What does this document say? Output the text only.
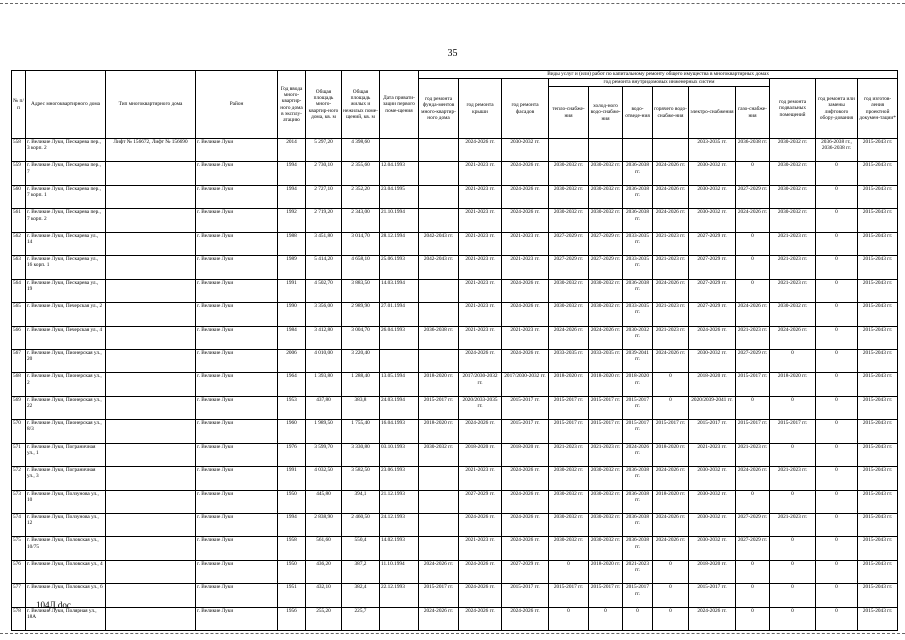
35
№ п/п	Адрес многоквартирного дома	Тип многоквартирного дома	Район	Год ввода много-квартир-ного дома в эксплу-атацию	Общая площадь много-квартир-ного дома, кв. м	Общая площадь жилых и нежилых поме-щений, кв. м	Дата привати-зации первого поме-щения	Виды услуг и (или) работ по капитальному ремонту общего имущества в многоквартирных домах											
								год ремонта фунда-ментов много-квартир-ного дома	год ремонта крыши	год ремонта фасадов	год ремонта внутридомовых инженерных систем						год ремонта подвальных помещений	год ремонта или замены лифтового обору-дования	год изготов-ления проектной докумен-тации*
											тепло-снабже-ния	холод-ного водо-снабже-ния	водо-отведе-ния	горячего водо-снабже-ния	электро-снабжения	газо-снабже-ния			
558	г. Великие Луки, Пескарева пер., 3 корп. 2	Лифт № 156672, Лифт № 156690	г. Великие Луки	2014	5 297,20	4 398,60			2024-2026 гг.	2030-2032 гг.					2033-2035 гг.	2036-2038 гг.	2030-2032 гг.	2036-2038 гг., 2036-2038 гг.	2015-2043 гг.
559	г. Великие Луки, Пескарева пер., 7		г. Великие Луки	1994	2 730,10	2 355,60	12.04.1993		2021-2023 гг.	2024-2026 гг.	2030-2032 гг.	2030-2032 гг.	2036-2038 гг.	2024-2026 гг.	2030-2032 гг.	0	2030-2032 гг.	0	2015-2043 гг.
560	г. Великие Луки, Пескарева пер., 7 корп. 1		г. Великие Луки	1994	2 727,10	2 352,20	23.04.1995		2021-2023 гг.	2024-2026 гг.	2030-2032 гг.	2030-2032 гг.	2036-2038 гг.	2024-2026 гг.	2030-2032 гг.	2027-2029 гг.	2030-2032 гг.	0	2015-2043 гг.
561	г. Великие Луки, Пескарева пер., 7 корп. 2		г. Великие Луки	1992	2 719,20	2 343,00	21.10.1994		2021-2023 гг.	2024-2026 гг.	2030-2032 гг.	2030-2032 гг.	2036-2038 гг.	2024-2026 гг.	2030-2032 гг.	2024-2026 гг.	2030-2032 гг.	0	2015-2043 гг.
562	г. Великие Луки, Пескарева ул., 14		г. Великие Луки	1988	3 451,80	3 014,70	28.12.1994	2042-2043 гг.	2021-2023 гг.	2021-2023 гг.	2027-2029 гг.	2027-2029 гг.	2033-2035 гг.	2021-2023 гг.	2027-2029 гг.	0	2021-2023 гг.	0	2015-2043 гг.
563	г. Великие Луки, Пескарева ул., 16 корп. 1		г. Великие Луки	1989	5 414,20	4 658,10	25.06.1993	2042-2043 гг.	2021-2023 гг.	2021-2023 гг.	2027-2029 гг.	2027-2029 гг.	2033-2035 гг.	2021-2023 гг.	2027-2029 гг.	0	2021-2023 гг.	0	2015-2043 гг.
564	г. Великие Луки, Пескарева ул., 19		г. Великие Луки	1991	4 502,70	3 883,50	14.03.1994		2021-2023 гг.	2024-2026 гг.	2030-2032 гг.	2030-2032 гг.	2036-2038 гг.	2024-2026 гг.	2027-2029 гг.	0	2021-2023 гг.	0	2015-2043 гг.
565	г. Великие Луки, Печерская ул., 2		г. Великие Луки	1990	3 356,00	2 989,90	27.01.1994		2021-2023 гг.	2024-2026 гг.	2030-2032 гг.	2030-2032 гг.	2033-2035 гг.	2021-2023 гг.	2027-2029 гг.	2024-2026 гг.	2030-2032 гг.	0	2015-2043 гг.
566	г. Великие Луки, Печерская ул., 4		г. Великие Луки	1984	3 412,80	3 004,70	26.04.1993	2036-2038 гг.	2021-2023 гг.	2021-2023 гг.	2024-2026 гг.	2024-2026 гг.	2030-2032 гг.	2021-2023 гг.	2024-2026 гг.	2021-2023 гг.	2024-2026 гг.	0	2015-2043 гг.
567	г. Великие Луки, Пионерская ул., 20		г. Великие Луки	2006	4 010,00	3 220,40			2024-2026 гг.	2024-2026 гг.	2033-2035 гг.	2033-2035 гг.	2039-2041 гг.	2024-2026 гг.	2030-2032 гг.	2027-2029 гг.	0	0	2015-2043 гг.
568	г. Великие Луки, Пионерская ул., 2		г. Великие Луки	1964	1 393,80	1 288,40	13.05.1994	2018-2020 гг.	2017/2030-2032 гг.	2017/2030-2032 гг.	2018-2020 гг.	2018-2020 гг.	2018-2020 гг.	0	2018-2020 гг.	2015-2017 гг.	2018-2020 гг.	0	2015-2043 гг.
569	г. Великие Луки, Пионерская ул., 22		г. Великие Луки	1953	437,80	383,8	24.03.1994	2015-2017 гг.	2020/2033-2035 гг.	2015-2017 гг.	2015-2017 гг.	2015-2017 гг.	2015-2017 гг.	0	2020/2039-2041 гг.	0	0	0	2015-2043 гг.
570	г. Великие Луки, Пионерская ул., 8/3		г. Великие Луки	1960	1 989,50	1 755,40	16.04.1993	2018-2020 гг.	2024-2026 гг.	2015-2017 гг.	2015-2017 гг.	2015-2017 гг.	2015-2017 гг.	2015-2017 гг.	2015-2017 гг.	2015-2017 гг.	2015-2017 гг.	0	2015-2043 гг.
571	г. Великие Луки, Пограничная ул., 1		г. Великие Луки	1976	3 599,70	3 330,80	03.10.1993	2030-2032 гг.	2018-2020 гг.	2018-2020 гг.	2021-2023 гг.	2021-2023 гг.	2024-2026 гг.	2018-2020 гг.	2021-2023 гг.	2021-2023 гг.	0	0	2015-2043 гг.
572	г. Великие Луки, Пограничная ул., 3		г. Великие Луки	1991	4 032,50	3 582,50	23.06.1993		2021-2023 гг.	2024-2026 гг.	2030-2032 гг.	2030-2032 гг.	2036-2038 гг.	2024-2026 гг.	2030-2032 гг.	2024-2026 гг.	2021-2023 гг.	0	2015-2043 гг.
573	г. Великие Луки, Ползунова ул., 10		г. Великие Луки	1950	445,80	394,1	21.12.1993		2027-2029 гг.	2024-2026 гг.	2030-2032 гг.	2030-2032 гг.	2036-2038 гг.	2018-2020 гг.	2030-2032 гг.	0	0	0	2015-2043 гг.
574	г. Великие Луки, Ползунова ул., 12		г. Великие Луки	1994	2 838,90	2 460,50	24.12.1993		2024-2026 гг.	2024-2026 гг.	2030-2032 гг.	2030-2032 гг.	2036-2038 гг.	2024-2026 гг.	2030-2032 гг.	2027-2029 гг.	2021-2023 гг.	0	2015-2043 гг.
575	г. Великие Луки, Половская ул., 10/75		г. Великие Луки	1958	561,60	550,4	14.02.1993		2021-2023 гг.	2024-2026 гг.	2030-2032 гг.	2030-2032 гг.	2036-2038 гг.	2024-2026 гг.	2030-2032 гг.	2027-2029 гг.	0	0	2015-2043 гг.
576	г. Великие Луки, Половская ул., 4		г. Великие Луки	1950	436,20	387,2	11.10.1994	2024-2026 гг.	2024-2026 гг.	2027-2029 гг.	0	2018-2020 гг.	2021-2023 гг.	0	2018-2020 гг.	0	0	0	2015-2043 гг.
577	г. Великие Луки, Половская ул., 6		г. Великие Луки	1951	432,10	382,4	22.12.1993	2015-2017 гг.	2024-2026 гг.	2015-2017 гг.	2015-2017 гг.	2015-2017 гг.	2015-2017 гг.	0	2015-2017 гг.	0	0	0	2015-2043 гг.
578	г. Великие Луки, Полярная ул., 18А		г. Великие Луки	1956	255,20	225,7		2024-2026 гг.	2024-2026 гг.	2024-2026 гг.	0	0	0	0	2024-2026 гг.	0	0	0	2015-2043 гг.
104Д.doc
